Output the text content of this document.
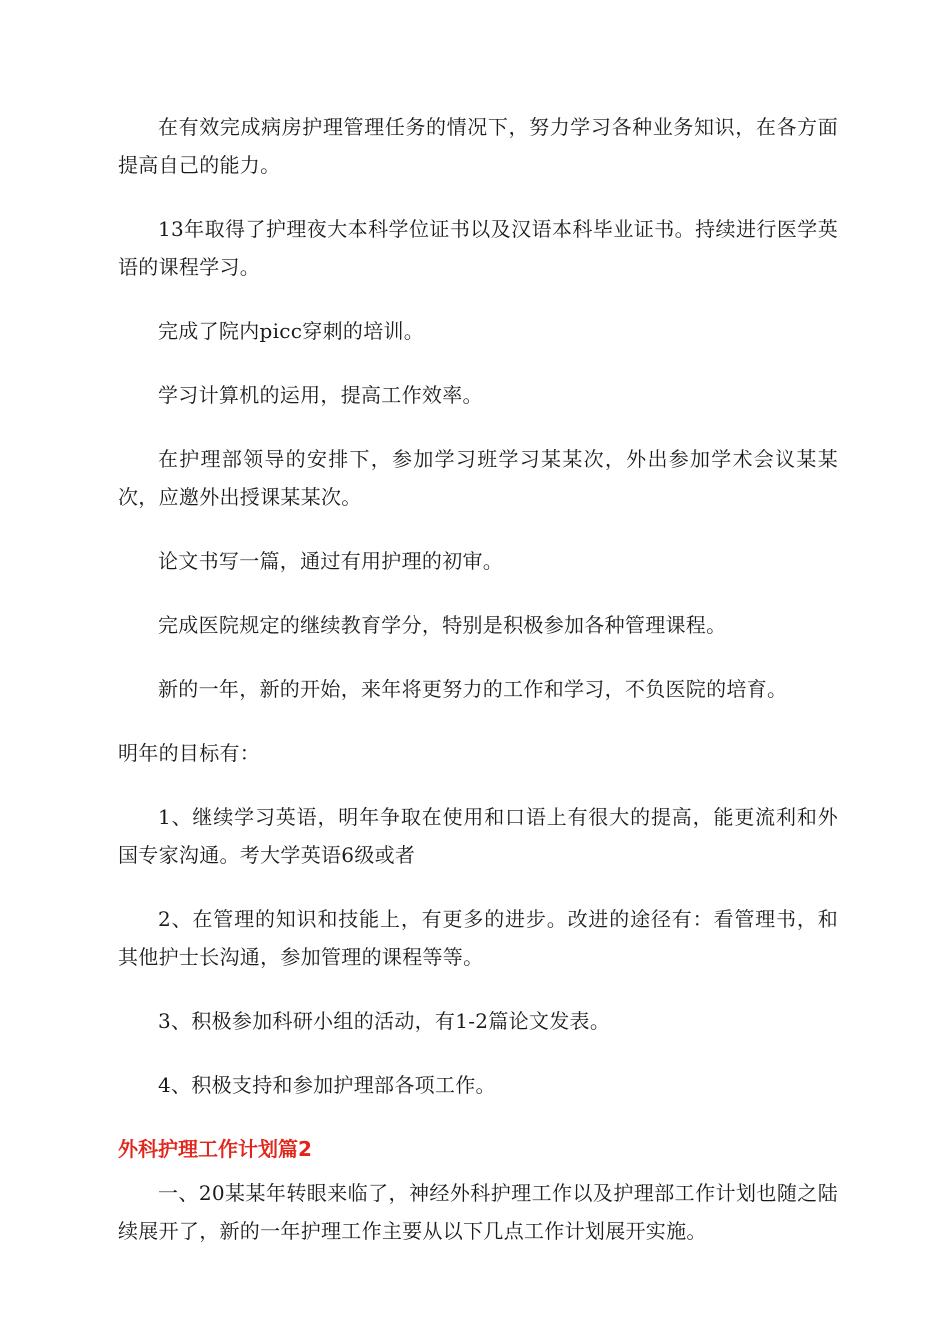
在有效完成病房护理管理任务的情况下，努力学习各种业务知识，在各方面提高自己的能力。

13年取得了护理夜大本科学位证书以及汉语本科毕业证书。持续进行医学英语的课程学习。

完成了院内picc穿刺的培训。

学习计算机的运用，提高工作效率。

在护理部领导的安排下，参加学习班学习某某次，外出参加学术会议某某次，应邀外出授课某某次。

论文书写一篇，通过有用护理的初审。

完成医院规定的继续教育学分，特别是积极参加各种管理课程。

新的一年，新的开始，来年将更努力的工作和学习，不负医院的培育。

明年的目标有：

1、继续学习英语，明年争取在使用和口语上有很大的提高，能更流利和外国专家沟通。考大学英语6级或者

2、在管理的知识和技能上，有更多的进步。改进的途径有：看管理书，和其他护士长沟通，参加管理的课程等等。

3、积极参加科研小组的活动，有1-2篇论文发表。

4、积极支持和参加护理部各项工作。

外科护理工作计划篇2

一、20某某年转眼来临了，神经外科护理工作以及护理部工作计划也随之陆续展开了，新的一年护理工作主要从以下几点工作计划展开实施。
